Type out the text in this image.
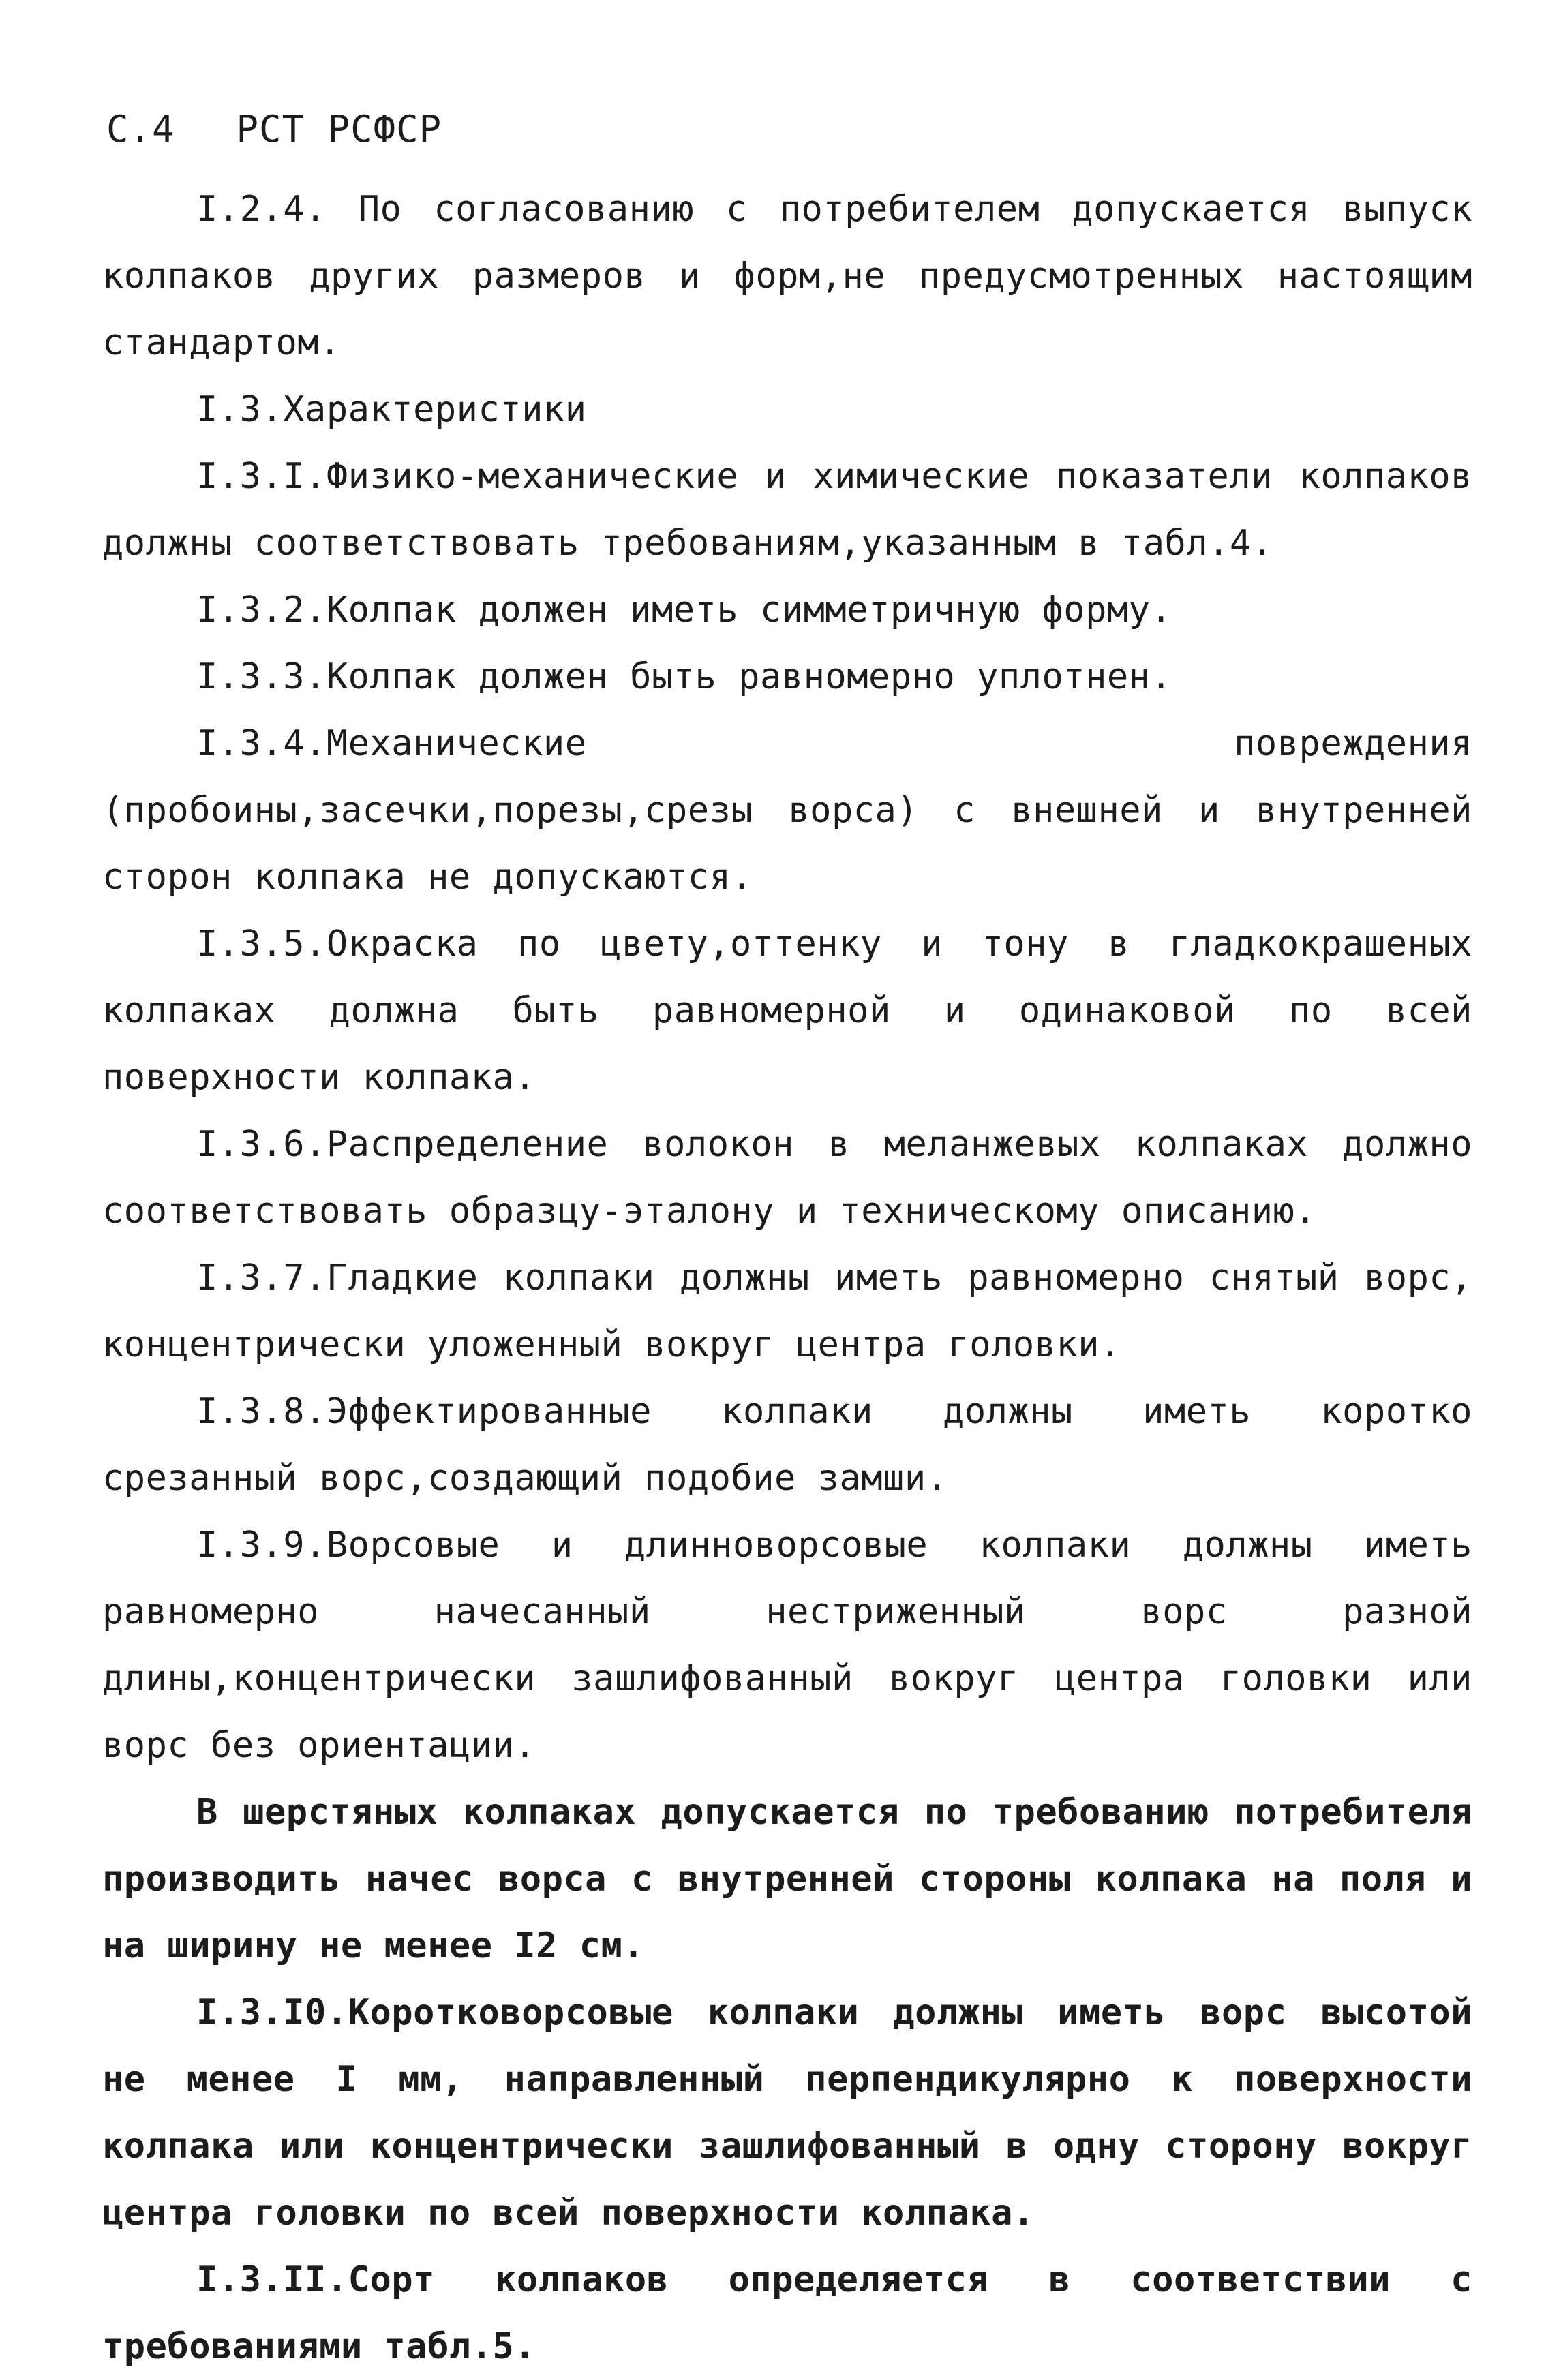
С.4 РСТ РСФСР

I.2.4. По согласованию с потребителем допускается выпуск колпаков других размеров и форм,не предусмотренных настоящим стандартом.

I.3.Характеристики

I.3.I.Физико-механические и химические показатели колпаков должны соответствовать требованиям,указанным в табл.4.

I.3.2.Колпак должен иметь симметричную форму.

I.3.3.Колпак должен быть равномерно уплотнен.

I.3.4.Механические повреждения (пробоины,засечки,порезы,срезы ворса) с внешней и внутренней сторон колпака не допускаются.

I.3.5.Окраска по цвету,оттенку и тону в гладкокрашеных колпаках должна быть равномерной и одинаковой по всей поверхности колпака.

I.3.6.Распределение волокон в меланжевых колпаках должно соответствовать образцу-эталону и техническому описанию.

I.3.7.Гладкие колпаки должны иметь равномерно снятый ворс, концентрически уложенный вокруг центра головки.

I.3.8.Эффектированные колпаки должны иметь коротко срезанный ворс,создающий подобие замши.

I.3.9.Ворсовые и длинноворсовые колпаки должны иметь равномерно начесанный нестриженный ворс разной длины,концентрически зашлифованный вокруг центра головки или ворс без ориентации.

В шерстяных колпаках допускается по требованию потребителя производить начес ворса с внутренней стороны колпака на поля и на ширину не менее I2 см.

I.3.I0.Коротковорсовые колпаки должны иметь ворс высотой не менее I мм, направленный перпендикулярно к поверхности колпака или концентрически зашлифованный в одну сторону вокруг центра головки по всей поверхности колпака.

I.3.II.Сорт колпаков определяется в соответствии с требованиями табл.5.
